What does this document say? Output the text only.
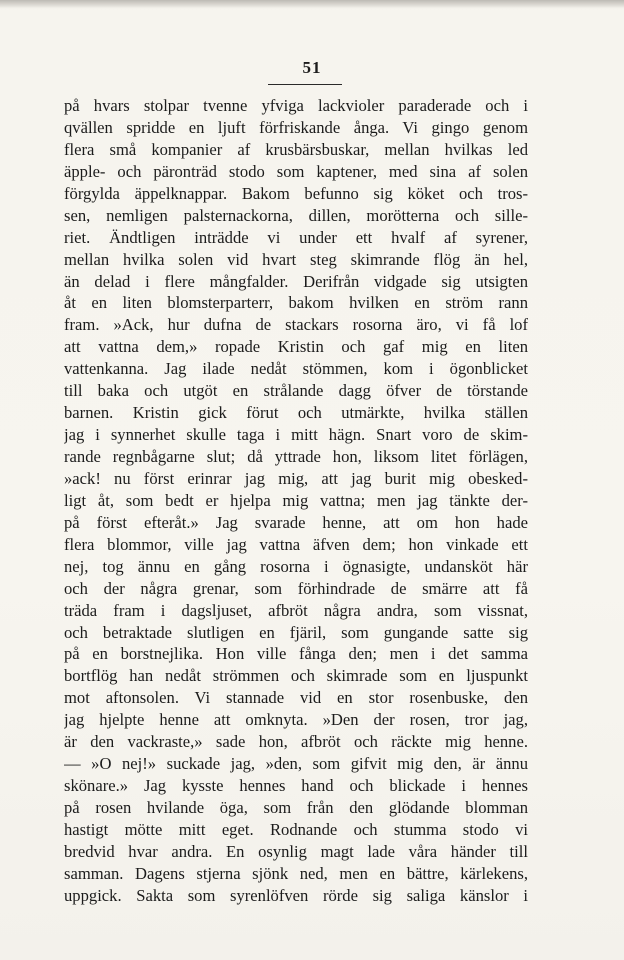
51
på hvars stolpar tvenne yfviga lackvioler paraderade och i
qvällen spridde en ljuft förfriskande ånga. Vi gingo genom
flera små kompanier af krusbärsbuskar, mellan hvilkas led
äpple- och päronträd stodo som kaptener, med sina af solen
förgylda äppelknappar. Bakom befunno sig köket och tros-
sen, nemligen palsternackorna, dillen, morötterna och sille-
riet. Ändtligen inträdde vi under ett hvalf af syrener,
mellan hvilka solen vid hvart steg skimrande flög än hel,
än delad i flere mångfalder. Derifrån vidgade sig utsigten
åt en liten blomsterparterr, bakom hvilken en ström rann
fram. »Ack, hur dufna de stackars rosorna äro, vi få lof
att vattna dem,» ropade Kristin och gaf mig en liten
vattenkanna. Jag ilade nedåt stömmen, kom i ögonblicket
till baka och utgöt en strålande dagg öfver de törstande
barnen. Kristin gick förut och utmärkte, hvilka ställen
jag i synnerhet skulle taga i mitt hägn. Snart voro de skim-
rande regnbågarne slut; då yttrade hon, liksom litet förlägen,
»ack! nu först erinrar jag mig, att jag burit mig obesked-
ligt åt, som bedt er hjelpa mig vattna; men jag tänkte der-
på först efteråt.» Jag svarade henne, att om hon hade
flera blommor, ville jag vattna äfven dem; hon vinkade ett
nej, tog ännu en gång rosorna i ögnasigte, undansköt här
och der några grenar, som förhindrade de smärre att få
träda fram i dagsljuset, afbröt några andra, som vissnat,
och betraktade slutligen en fjäril, som gungande satte sig
på en borstnejlika. Hon ville fånga den; men i det samma
bortflög han nedåt strömmen och skimrade som en ljuspunkt
mot aftonsolen. Vi stannade vid en stor rosenbuske, den
jag hjelpte henne att omknyta. »Den der rosen, tror jag,
är den vackraste,» sade hon, afbröt och räckte mig henne.
— »O nej!» suckade jag, »den, som gifvit mig den, är ännu
skönare.» Jag kysste hennes hand och blickade i hennes
på rosen hvilande öga, som från den glödande blomman
hastigt mötte mitt eget. Rodnande och stumma stodo vi
bredvid hvar andra. En osynlig magt lade våra händer till
samman. Dagens stjerna sjönk ned, men en bättre, kärlekens,
uppgick. Sakta som syrenlöfven rörde sig saliga känslor i
